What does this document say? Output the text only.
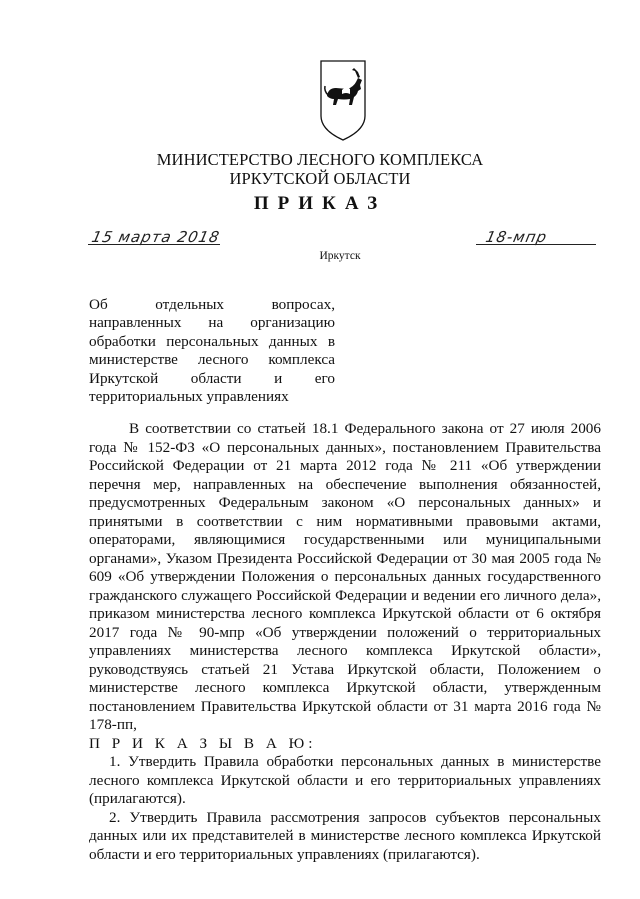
МИНИСТЕРСТВО ЛЕСНОГО КОМПЛЕКСА
ИРКУТСКОЙ ОБЛАСТИ
ПРИКАЗ
15 марта 2018	18-мпр
Иркутск
Об отдельных вопросах,
направленных на организацию
обработки персональных данных в
министерстве лесного комплекса
Иркутской области и его
территориальных управлениях

В соответствии со статьей 18.1 Федерального закона от 27 июля 2006 года № 152-ФЗ «О персональных данных», постановлением Правительства Российской Федерации от 21 марта 2012 года № 211 «Об утверждении перечня мер, направленных на обеспечение выполнения обязанностей, предусмотренных Федеральным законом «О персональных данных» и принятыми в соответствии с ним нормативными правовыми актами, операторами, являющимися государственными или муниципальными органами», Указом Президента Российской Федерации от 30 мая 2005 года № 609 «Об утверждении Положения о персональных данных государственного гражданского служащего Российской Федерации и ведении его личного дела», приказом министерства лесного комплекса Иркутской области от 6 октября 2017 года № 90-мпр «Об утверждении положений о территориальных управлениях министерства лесного комплекса Иркутской области», руководствуясь статьей 21 Устава Иркутской области, Положением о министерстве лесного комплекса Иркутской области, утвержденным постановлением Правительства Иркутской области от 31 марта 2016 года № 178-пп,

П Р И К А З Ы В А Ю:

1. Утвердить Правила обработки персональных данных в министерстве лесного комплекса Иркутской области и его территориальных управлениях (прилагаются).

2. Утвердить Правила рассмотрения запросов субъектов персональных данных или их представителей в министерстве лесного комплекса Иркутской области и его территориальных управлениях (прилагаются).
